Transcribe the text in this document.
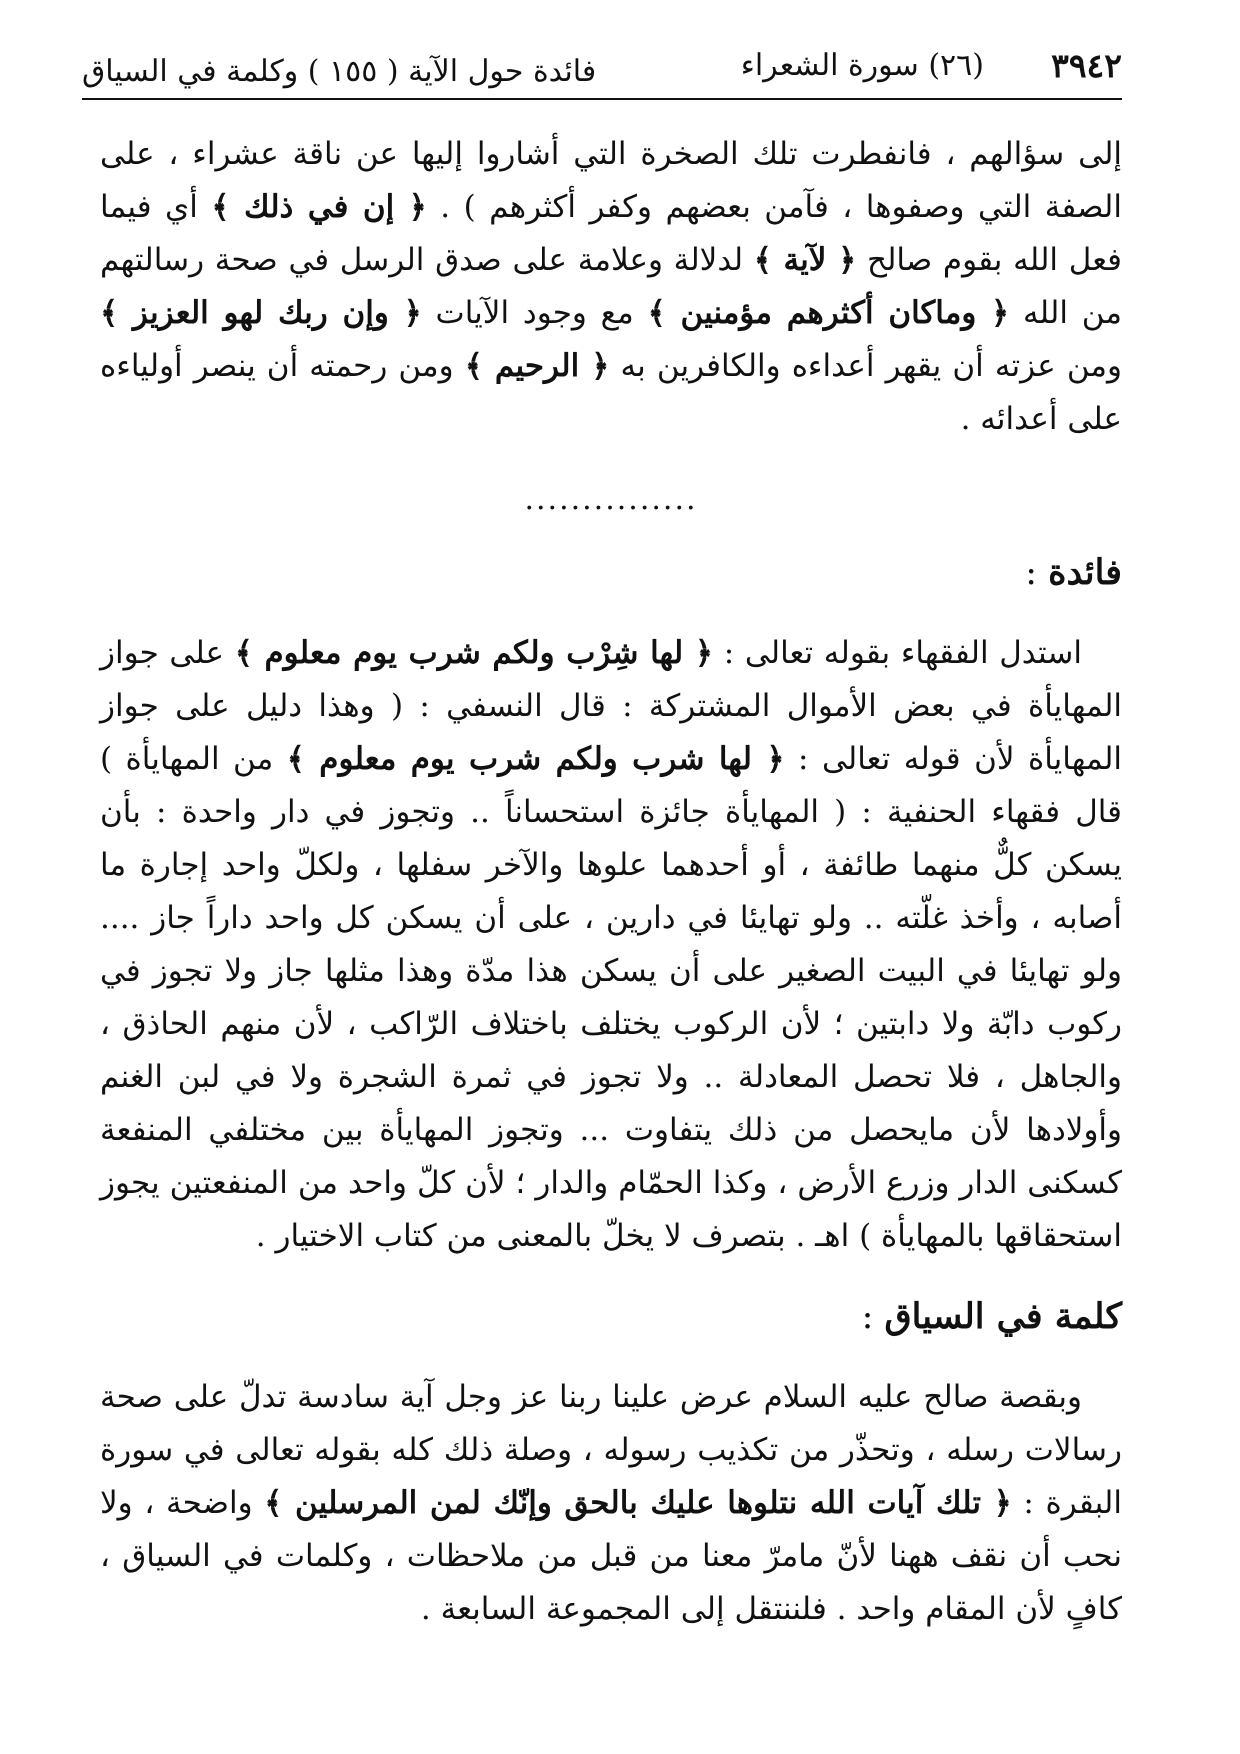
٣٩٤٢
(٢٦) سورة الشعراء
فائدة حول الآية ( ١٥٥ ) وكلمة في السياق

إلى سؤالهم ، فانفطرت تلك الصخرة التي أشاروا إليها عن ناقة عشراء ، على الصفة التي وصفوها ، فآمن بعضهم وكفر أكثرهم ) . ﴿ إن في ذلك ﴾ أي فيما فعل الله بقوم صالح ﴿ لآية ﴾ لدلالة وعلامة على صدق الرسل في صحة رسالتهم من الله ﴿ وماكان أكثرهم مؤمنين ﴾ مع وجود الآيات ﴿ وإن ربك لهو العزيز ﴾ ومن عزته أن يقهر أعداءه والكافرين به ﴿ الرحيم ﴾ ومن رحمته أن ينصر أولياءه على أعدائه .

...............
فائدة :

استدل الفقهاء بقوله تعالى : ﴿ لها شِرْب ولكم شرب يوم معلوم ﴾ على جواز المهايأة في بعض الأموال المشتركة : قال النسفي : ( وهذا دليل على جواز المهايأة لأن قوله تعالى : ﴿ لها شرب ولكم شرب يوم معلوم ﴾ من المهايأة ) قال فقهاء الحنفية : ( المهايأة جائزة استحساناً .. وتجوز في دار واحدة : بأن يسكن كلٌّ منهما طائفة ، أو أحدهما علوها والآخر سفلها ، ولكلّ واحد إجارة ما أصابه ، وأخذ غلّته .. ولو تهايئا في دارين ، على أن يسكن كل واحد داراً جاز .... ولو تهايئا في البيت الصغير على أن يسكن هذا مدّة وهذا مثلها جاز ولا تجوز في ركوب دابّة ولا دابتين ؛ لأن الركوب يختلف باختلاف الرّاكب ، لأن منهم الحاذق ، والجاهل ، فلا تحصل المعادلة .. ولا تجوز في ثمرة الشجرة ولا في لبن الغنم وأولادها لأن مايحصل من ذلك يتفاوت ... وتجوز المهايأة بين مختلفي المنفعة كسكنى الدار وزرع الأرض ، وكذا الحمّام والدار ؛ لأن كلّ واحد من المنفعتين يجوز استحقاقها بالمهايأة ) اهـ . بتصرف لا يخلّ بالمعنى من كتاب الاختيار .

كلمة في السياق :

وبقصة صالح عليه السلام عرض علينا ربنا عز وجل آية سادسة تدلّ على صحة رسالات رسله ، وتحذّر من تكذيب رسوله ، وصلة ذلك كله بقوله تعالى في سورة البقرة : ﴿ تلك آيات الله نتلوها عليك بالحق وإنّك لمن المرسلين ﴾ واضحة ، ولا نحب أن نقف ههنا لأنّ مامرّ معنا من قبل من ملاحظات ، وكلمات في السياق ، كافٍ لأن المقام واحد . فلننتقل إلى المجموعة السابعة .
